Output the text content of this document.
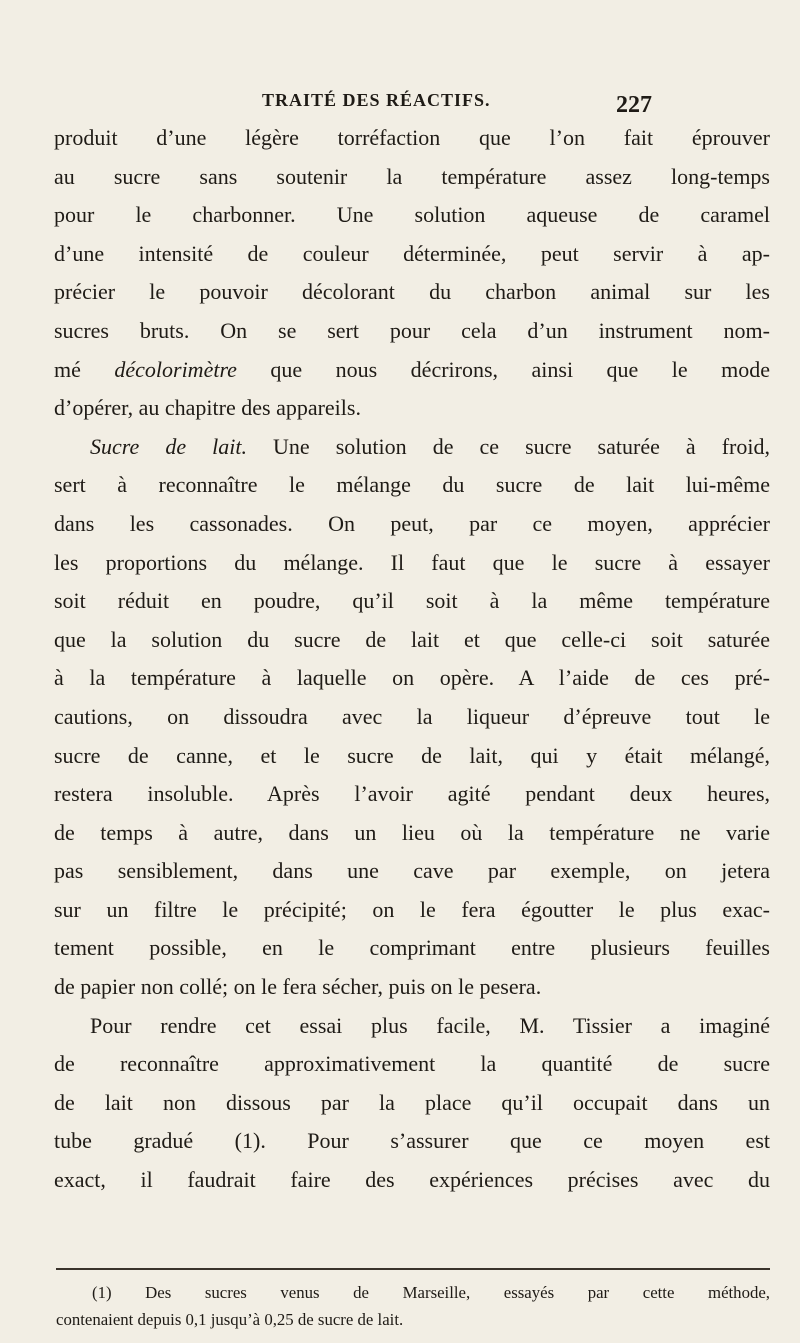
TRAITÉ DES RÉACTIFS.	227
produit d’une légère torréfaction que l’on fait éprouver
au sucre sans soutenir la température assez long-temps
pour le charbonner. Une solution aqueuse de caramel
d’une intensité de couleur déterminée, peut servir à ap-
précier le pouvoir décolorant du charbon animal sur les
sucres bruts. On se sert pour cela d’un instrument nom-
mé décolorimètre que nous décrirons, ainsi que le mode
d’opérer, au chapitre des appareils.
Sucre de lait. Une solution de ce sucre saturée à froid,
sert à reconnaître le mélange du sucre de lait lui-même
dans les cassonades. On peut, par ce moyen, apprécier
les proportions du mélange. Il faut que le sucre à essayer
soit réduit en poudre, qu’il soit à la même température
que la solution du sucre de lait et que celle-ci soit saturée
à la température à laquelle on opère. A l’aide de ces pré-
cautions, on dissoudra avec la liqueur d’épreuve tout le
sucre de canne, et le sucre de lait, qui y était mélangé,
restera insoluble. Après l’avoir agité pendant deux heures,
de temps à autre, dans un lieu où la température ne varie
pas sensiblement, dans une cave par exemple, on jetera
sur un filtre le précipité; on le fera égoutter le plus exac-
tement possible, en le comprimant entre plusieurs feuilles
de papier non collé; on le fera sécher, puis on le pesera.
Pour rendre cet essai plus facile, M. Tissier a imaginé
de reconnaître approximativement la quantité de sucre
de lait non dissous par la place qu’il occupait dans un
tube gradué (1). Pour s’assurer que ce moyen est
exact, il faudrait faire des expériences précises avec du
(1) Des sucres venus de Marseille, essayés par cette méthode,
contenaient depuis 0,1 jusqu’à 0,25 de sucre de lait.
